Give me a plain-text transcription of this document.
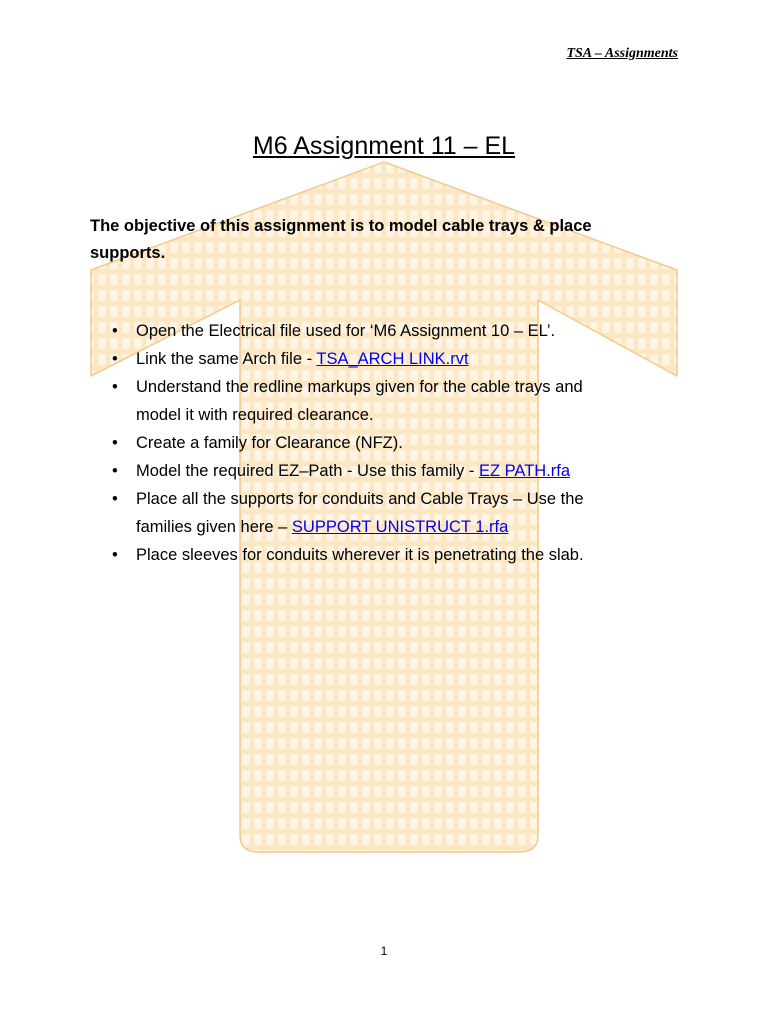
TSA – Assignments
M6 Assignment 11 – EL
The objective of this assignment is to model cable trays & place
supports.
• Open the Electrical file used for ‘M6 Assignment 10 – EL’.
• Link the same Arch file - TSA_ARCH LINK.rvt
• Understand the redline markups given for the cable trays and
model it with required clearance.
• Create a family for Clearance (NFZ).
• Model the required EZ–Path - Use this family - EZ PATH.rfa
• Place all the supports for conduits and Cable Trays – Use the
families given here – SUPPORT UNISTRUCT 1.rfa
• Place sleeves for conduits wherever it is penetrating the slab.
1
